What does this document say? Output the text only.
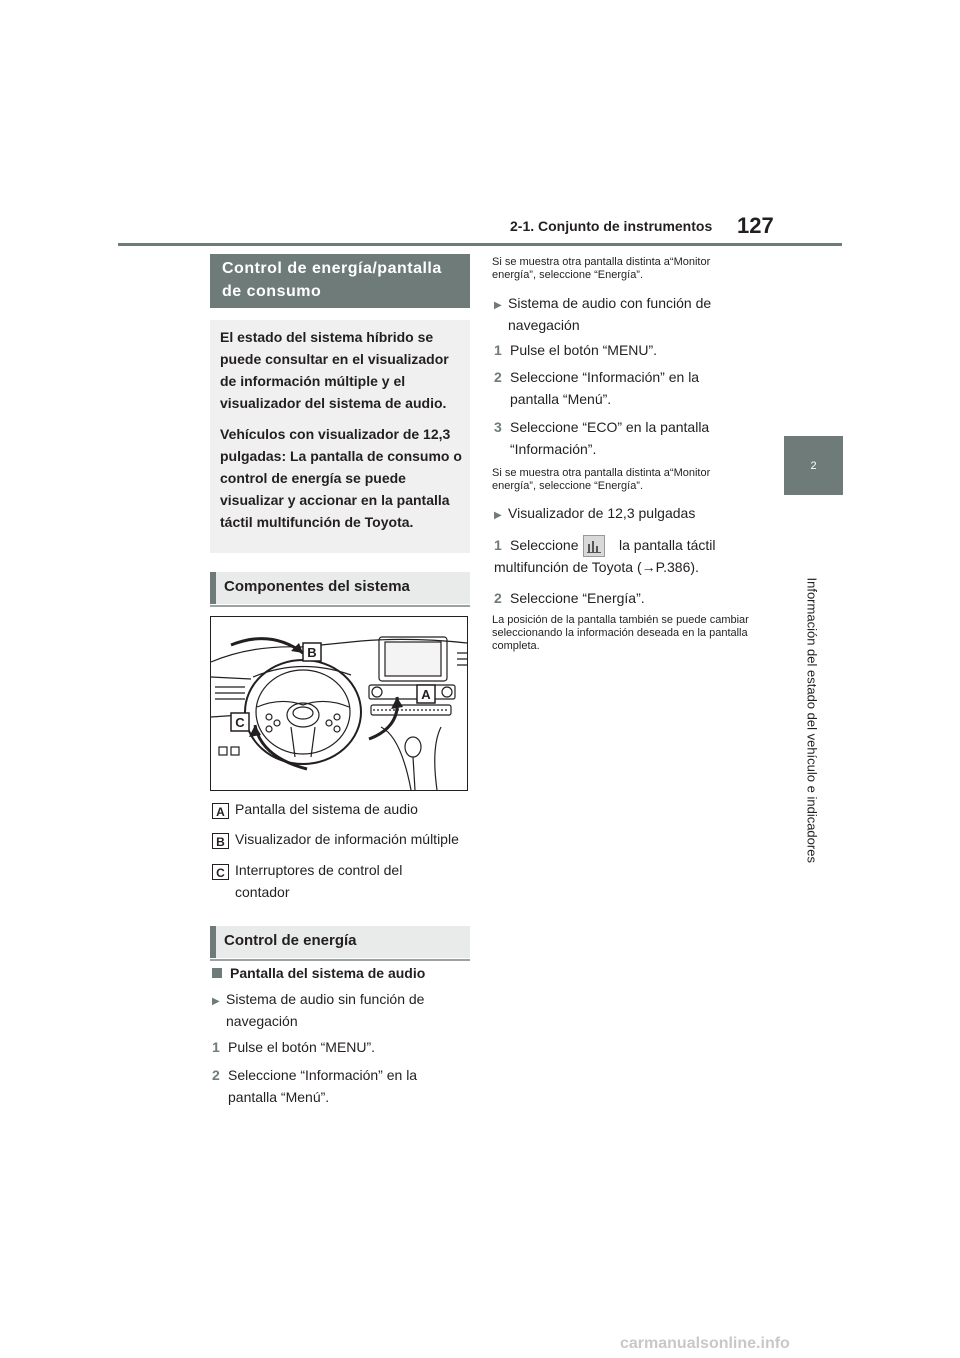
2-1. Conjunto de instrumentos 127
2
Información del estado del vehículo e indicadores
Control de energía/pantalla de consumo

El estado del sistema híbrido se puede consultar en el visualizador de información múltiple y el visualizador del sistema de audio.

Vehículos con visualizador de 12,3 pulgadas: La pantalla de consumo o control de energía se puede visualizar y accionar en la pantalla táctil multifunción de Toyota.

Componentes del sistema
B
A
C
A Pantalla del sistema de audio
B Visualizador de información múltiple
C Interruptores de control del contador
Control de energía
Pantalla del sistema de audio
▶ Sistema de audio sin función de navegación
1 Pulse el botón “MENU”.
2 Seleccione “Información” en la pantalla “Menú”.
Si se muestra otra pantalla distinta a“Monitor energía”, seleccione “Energía”.
▶ Sistema de audio con función de navegación
1 Pulse el botón “MENU”.
2 Seleccione “Información” en la pantalla “Menú”.
3 Seleccione “ECO” en la pantalla “Información”.
Si se muestra otra pantalla distinta a“Monitor energía”, seleccione “Energía”.
▶ Visualizador de 12,3 pulgadas
1 Seleccione	la pantalla táctil multifunción de Toyota (→P.386).
2 Seleccione “Energía”.
La posición de la pantalla también se puede cambiar seleccionando la información deseada en la pantalla completa.
carmanualsonline.info
